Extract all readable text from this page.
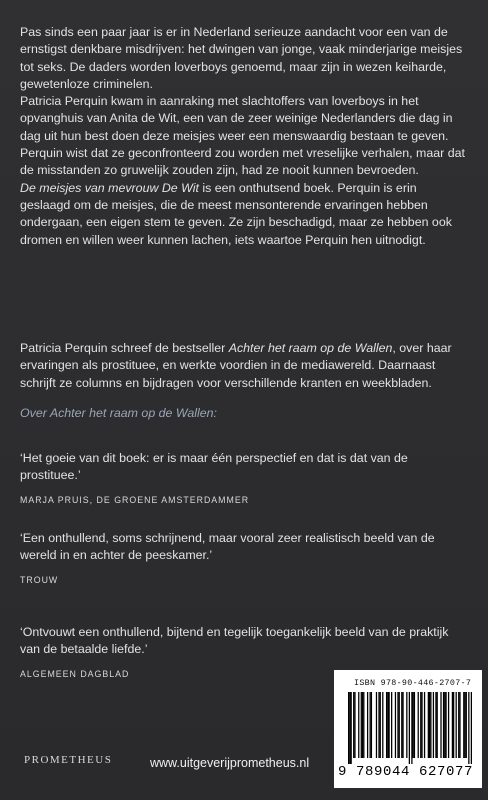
Pas sinds een paar jaar is er in Nederland serieuze aandacht voor een van de ernstigst denkbare misdrijven: het dwingen van jonge, vaak minderjarige meisjes tot seks. De daders worden loverboys genoemd, maar zijn in wezen keiharde, gewetenloze criminelen.
Patricia Perquin kwam in aanraking met slachtoffers van loverboys in het opvanghuis van Anita de Wit, een van de zeer weinige Nederlanders die dag in dag uit hun best doen deze meisjes weer een menswaardig bestaan te geven. Perquin wist dat ze geconfronteerd zou worden met vreselijke verhalen, maar dat de misstanden zo gruwelijk zouden zijn, had ze nooit kunnen bevroeden.
De meisjes van mevrouw De Wit is een onthutsend boek. Perquin is erin geslaagd om de meisjes, die de meest mensonterende ervaringen hebben ondergaan, een eigen stem te geven. Ze zijn beschadigd, maar ze hebben ook dromen en willen weer kunnen lachen, iets waartoe Perquin hen uitnodigt.
Patricia Perquin schreef de bestseller Achter het raam op de Wallen, over haar ervaringen als prostituee, en werkte voordien in de mediawereld. Daarnaast schrijft ze columns en bijdragen voor verschillende kranten en weekbladen.
Over Achter het raam op de Wallen:
‘Het goeie van dit boek: er is maar één perspectief en dat is dat van de prostituee.’
MARJA PRUIS, DE GROENE AMSTERDAMMER
‘Een onthullend, soms schrijnend, maar vooral zeer realistisch beeld van de wereld in en achter de peeskamer.’
TROUW
‘Ontvouwt een onthullend, bijtend en tegelijk toegankelijk beeld van de praktijk van de betaalde liefde.’
ALGEMEEN DAGBLAD
PROMETHEUS	www.uitgeverijprometheus.nl
ISBN 978-90-446-2707-7
9 789044 627077
